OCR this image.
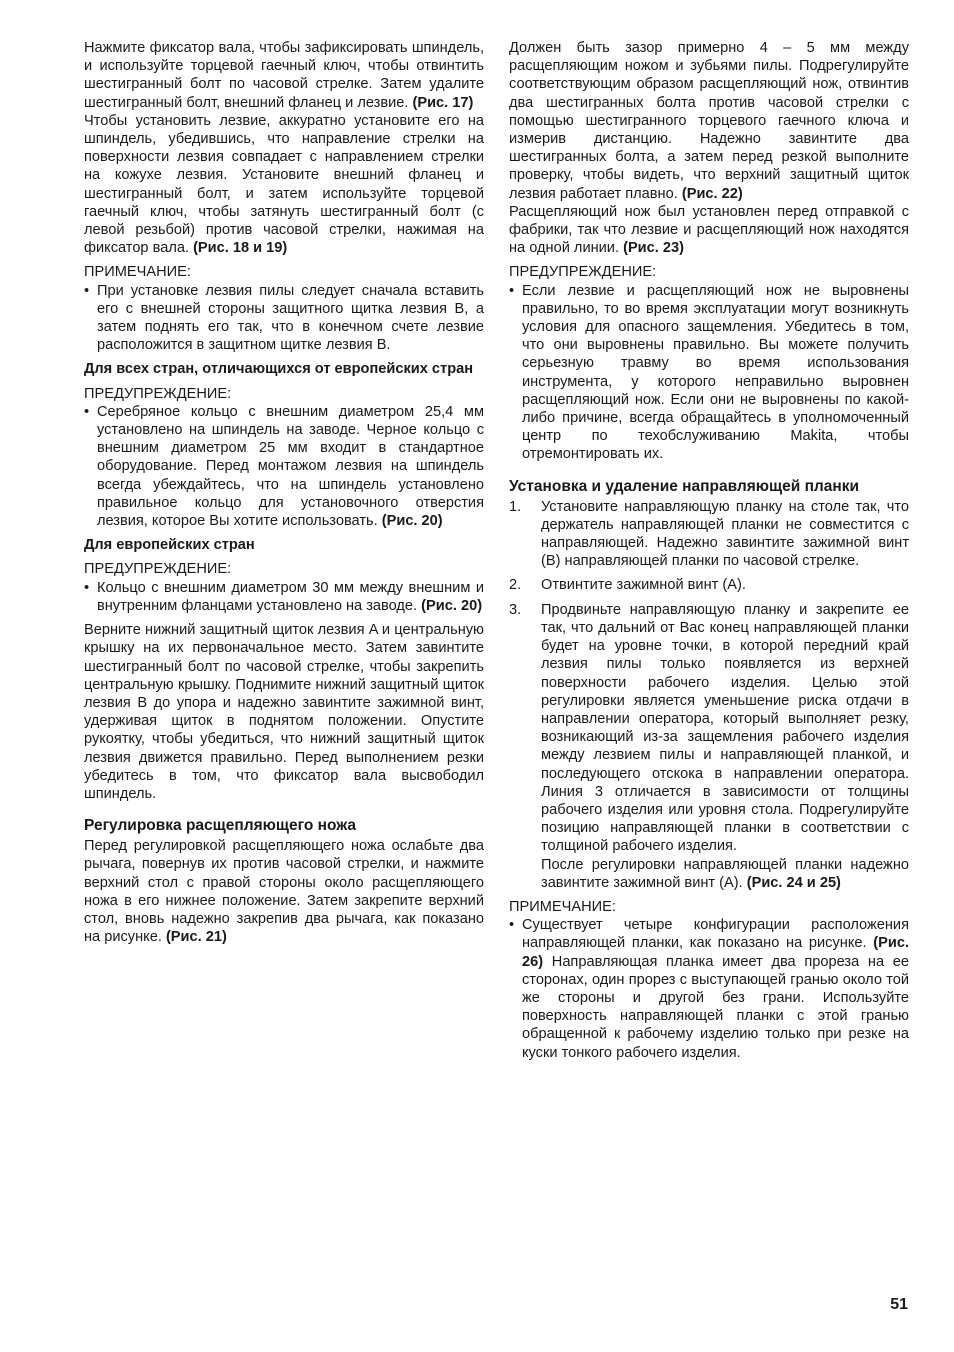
Нажмите фиксатор вала, чтобы зафиксировать шпиндель, и используйте торцевой гаечный ключ, чтобы отвинтить шестигранный болт по часовой стрелке. Затем удалите шестигранный болт, внешний фланец и лезвие. (Рис. 17)

Чтобы установить лезвие, аккуратно установите его на шпиндель, убедившись, что направление стрелки на поверхности лезвия совпадает с направлением стрелки на кожухе лезвия. Установите внешний фланец и шестигранный болт, и затем используйте торцевой гаечный ключ, чтобы затянуть шестигранный болт (с левой резьбой) против часовой стрелки, нажимая на фиксатор вала. (Рис. 18 и 19)

ПРИМЕЧАНИЕ:

• При установке лезвия пилы следует сначала вставить его с внешней стороны защитного щитка лезвия B, а затем поднять его так, что в конечном счете лезвие расположится в защитном щитке лезвия B.

Для всех стран, отличающихся от европейских стран

ПРЕДУПРЕЖДЕНИЕ:

• Серебряное кольцо с внешним диаметром 25,4 мм установлено на шпиндель на заводе. Черное кольцо с внешним диаметром 25 мм входит в стандартное оборудование. Перед монтажом лезвия на шпиндель всегда убеждайтесь, что на шпиндель установлено правильное кольцо для установочного отверстия лезвия, которое Вы хотите использовать. (Рис. 20)

Для европейских стран

ПРЕДУПРЕЖДЕНИЕ:

• Кольцо с внешним диаметром 30 мм между внешним и внутренним фланцами установлено на заводе. (Рис. 20)

Верните нижний защитный щиток лезвия A и центральную крышку на их первоначальное место. Затем завинтите шестигранный болт по часовой стрелке, чтобы закрепить центральную крышку. Поднимите нижний защитный щиток лезвия B до упора и надежно завинтите зажимной винт, удерживая щиток в поднятом положении. Опустите рукоятку, чтобы убедиться, что нижний защитный щиток лезвия движется правильно. Перед выполнением резки убедитесь в том, что фиксатор вала высвободил шпиндель.

Регулировка расщепляющего ножа

Перед регулировкой расщепляющего ножа ослабьте два рычага, повернув их против часовой стрелки, и нажмите верхний стол с правой стороны около расщепляющего ножа в его нижнее положение. Затем закрепите верхний стол, вновь надежно закрепив два рычага, как показано на рисунке. (Рис. 21)

Должен быть зазор примерно 4 – 5 мм между расщепляющим ножом и зубьями пилы. Подрегулируйте соответствующим образом расщепляющий нож, отвинтив два шестигранных болта против часовой стрелки с помощью шестигранного торцевого гаечного ключа и измерив дистанцию. Надежно завинтите два шестигранных болта, а затем перед резкой выполните проверку, чтобы видеть, что верхний защитный щиток лезвия работает плавно. (Рис. 22)

Расщепляющий нож был установлен перед отправкой с фабрики, так что лезвие и расщепляющий нож находятся на одной линии. (Рис. 23)

ПРЕДУПРЕЖДЕНИЕ:

• Если лезвие и расщепляющий нож не выровнены правильно, то во время эксплуатации могут возникнуть условия для опасного защемления. Убедитесь в том, что они выровнены правильно. Вы можете получить серьезную травму во время использования инструмента, у которого неправильно выровнен расщепляющий нож. Если они не выровнены по какой-либо причине, всегда обращайтесь в уполномоченный центр по техобслуживанию Makita, чтобы отремонтировать их.

Установка и удаление направляющей планки

1. Установите направляющую планку на столе так, что держатель направляющей планки не совместится с направляющей. Надежно завинтите зажимной винт (B) направляющей планки по часовой стрелке.

2. Отвинтите зажимной винт (A).

3. Продвиньте направляющую планку и закрепите ее так, что дальний от Вас конец направляющей планки будет на уровне точки, в которой передний край лезвия пилы только появляется из верхней поверхности рабочего изделия. Целью этой регулировки является уменьшение риска отдачи в направлении оператора, который выполняет резку, возникающий из-за защемления рабочего изделия между лезвием пилы и направляющей планкой, и последующего отскока в направлении оператора. Линия 3 отличается в зависимости от толщины рабочего изделия или уровня стола. Подрегулируйте позицию направляющей планки в соответствии с толщиной рабочего изделия.

После регулировки направляющей планки надежно завинтите зажимной винт (A). (Рис. 24 и 25)

ПРИМЕЧАНИЕ:

• Существует четыре конфигурации расположения направляющей планки, как показано на рисунке. (Рис. 26) Направляющая планка имеет два прореза на ее сторонах, один прорез с выступающей гранью около той же стороны и другой без грани. Используйте поверхность направляющей планки с этой гранью обращенной к рабочему изделию только при резке на куски тонкого рабочего изделия.

51
